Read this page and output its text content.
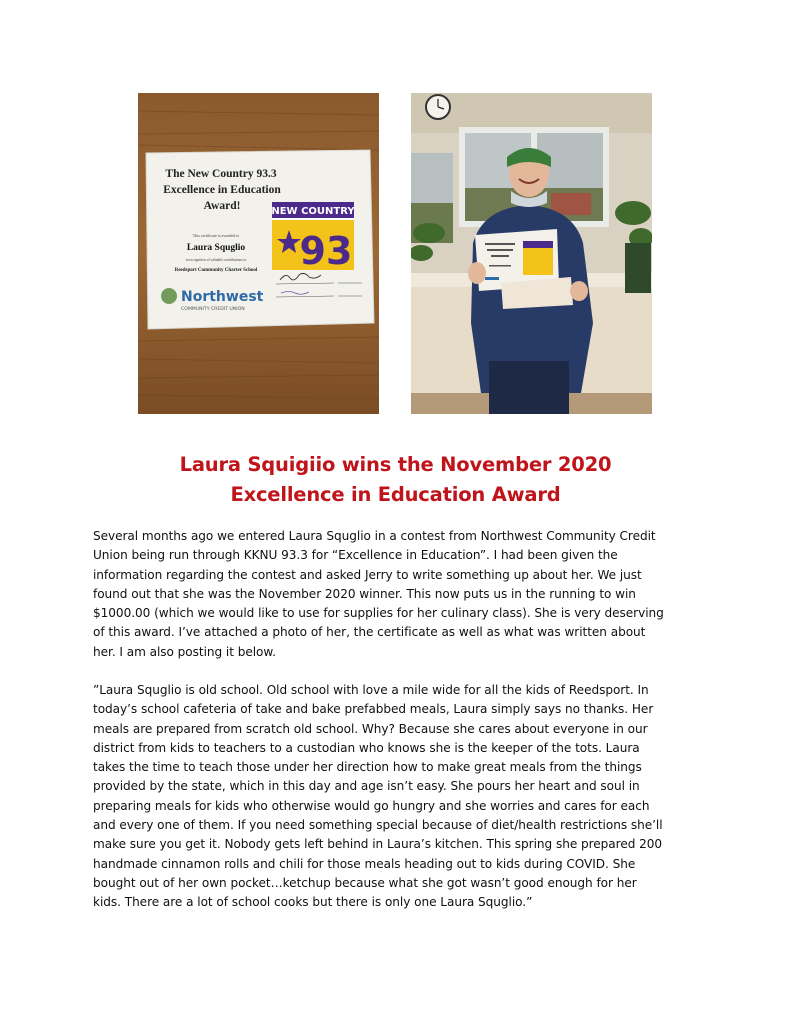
The New Country 93.3
Excellence in Education
Award!	NEW COUNTRY
93
This certificate is awarded to
Laura Squglio
in recognition of valuable contributions to
Reedsport Community Charter School
Northwest
COMMUNITY CREDIT UNION
Laura Squigiio wins the November 2020
Excellence in Education Award
Several months ago we entered Laura Squglio in a contest from Northwest Community Credit
Union being run through KKNU 93.3 for “Excellence in Education”. I had been given the
information regarding the contest and asked Jerry to write something up about her. We just
found out that she was the November 2020 winner. This now puts us in the running to win
$1000.00 (which we would like to use for supplies for her culinary class). She is very deserving
of this award. I’ve attached a photo of her, the certificate as well as what was written about
her. I am also posting it below.
”Laura Squglio is old school. Old school with love a mile wide for all the kids of Reedsport. In
today’s school cafeteria of take and bake prefabbed meals, Laura simply says no thanks. Her
meals are prepared from scratch old school. Why? Because she cares about everyone in our
district from kids to teachers to a custodian who knows she is the keeper of the tots. Laura
takes the time to teach those under her direction how to make great meals from the things
provided by the state, which in this day and age isn’t easy. She pours her heart and soul in
preparing meals for kids who otherwise would go hungry and she worries and cares for each
and every one of them. If you need something special because of diet/health restrictions she’ll
make sure you get it. Nobody gets left behind in Laura’s kitchen. This spring she prepared 200
handmade cinnamon rolls and chili for those meals heading out to kids during COVID. She
bought out of her own pocket…ketchup because what she got wasn’t good enough for her
kids. There are a lot of school cooks but there is only one Laura Squglio.”
